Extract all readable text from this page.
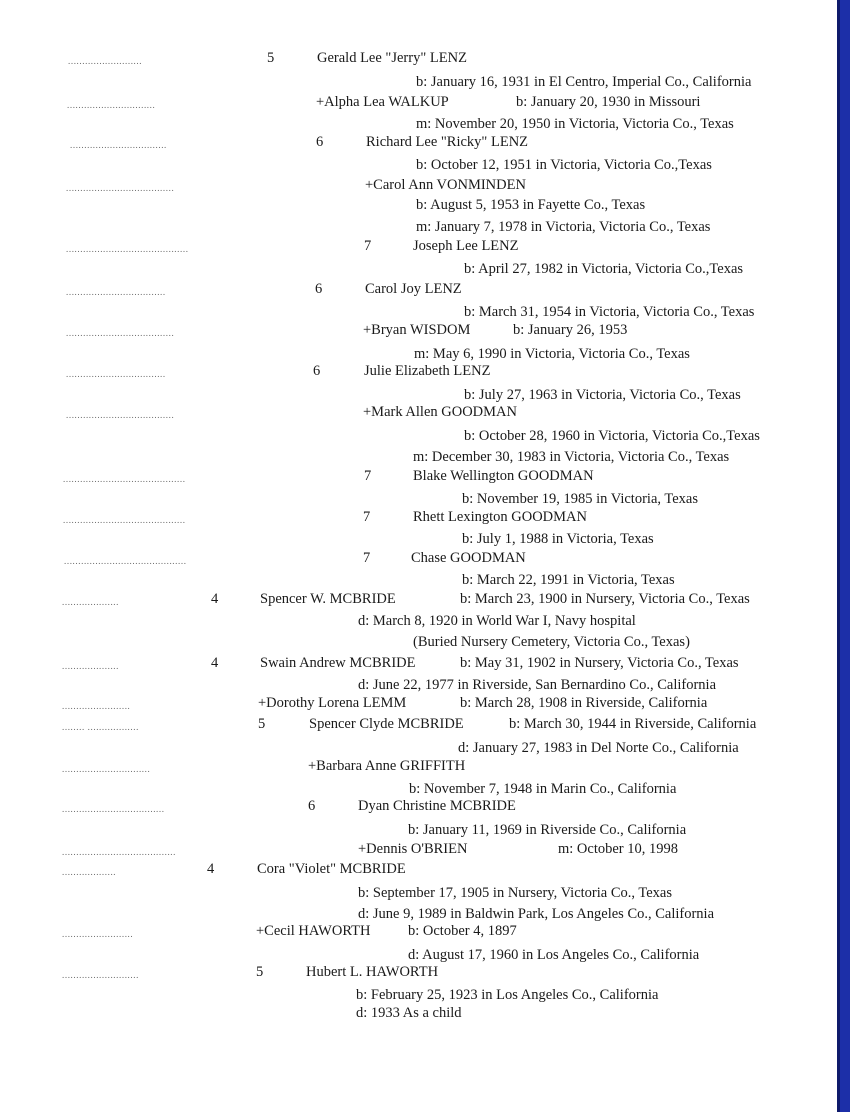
..........................	5	Gerald Lee "Jerry" LENZ
b: January 16, 1931 in El Centro, Imperial Co., California
...............................	+Alpha Lea WALKUP	b: January 20, 1930 in Missouri
m: November 20, 1950 in Victoria, Victoria Co., Texas
..................................	6	Richard Lee "Ricky" LENZ
b: October 12, 1951 in Victoria, Victoria Co.,Texas
......................................	+Carol Ann VONMINDEN
b: August 5, 1953 in Fayette Co., Texas
m: January 7, 1978 in Victoria, Victoria Co., Texas
...........................................	7	Joseph Lee LENZ
b: April 27, 1982 in Victoria, Victoria Co.,Texas
...................................	6	Carol Joy LENZ
b: March 31, 1954 in Victoria, Victoria Co., Texas
......................................	+Bryan WISDOM	b: January 26, 1953
m: May 6, 1990 in Victoria, Victoria Co., Texas
...................................	6	Julie Elizabeth LENZ
b: July 27, 1963 in Victoria, Victoria Co., Texas
......................................	+Mark Allen GOODMAN
b: October 28, 1960 in Victoria, Victoria Co.,Texas
m: December 30, 1983 in Victoria, Victoria Co., Texas
...........................................	7	Blake Wellington GOODMAN
b: November 19, 1985 in Victoria, Texas
...........................................	7	Rhett Lexington GOODMAN
b: July 1, 1988 in Victoria, Texas
...........................................	7	Chase GOODMAN
b: March 22, 1991 in Victoria, Texas
....................	4	Spencer W. MCBRIDE	b: March 23, 1900 in Nursery, Victoria Co., Texas
d: March 8, 1920 in World War I, Navy hospital
(Buried Nursery Cemetery, Victoria Co., Texas)
....................	4	Swain Andrew MCBRIDE	b: May 31, 1902 in Nursery, Victoria Co., Texas
d: June 22, 1977 in Riverside, San Bernardino Co., California
........................	+Dorothy Lorena LEMM	b: March 28, 1908 in Riverside, California
........ ..................	5	Spencer Clyde MCBRIDE	b: March 30, 1944 in Riverside, California
d: January 27, 1983 in Del Norte Co., California
...............................	+Barbara Anne GRIFFITH
b: November 7, 1948 in Marin Co., California
....................................	6	Dyan Christine MCBRIDE
b: January 11, 1969 in Riverside Co., California
........................................	+Dennis O'BRIEN	m: October 10, 1998
...................	4	Cora "Violet" MCBRIDE
b: September 17, 1905 in Nursery, Victoria Co., Texas
d: June 9, 1989 in Baldwin Park, Los Angeles Co., California
.........................	+Cecil HAWORTH	b: October 4, 1897
d: August 17, 1960 in Los Angeles Co., California
...........................	5	Hubert L. HAWORTH
b: February 25, 1923 in Los Angeles Co., California
d: 1933 As a child
